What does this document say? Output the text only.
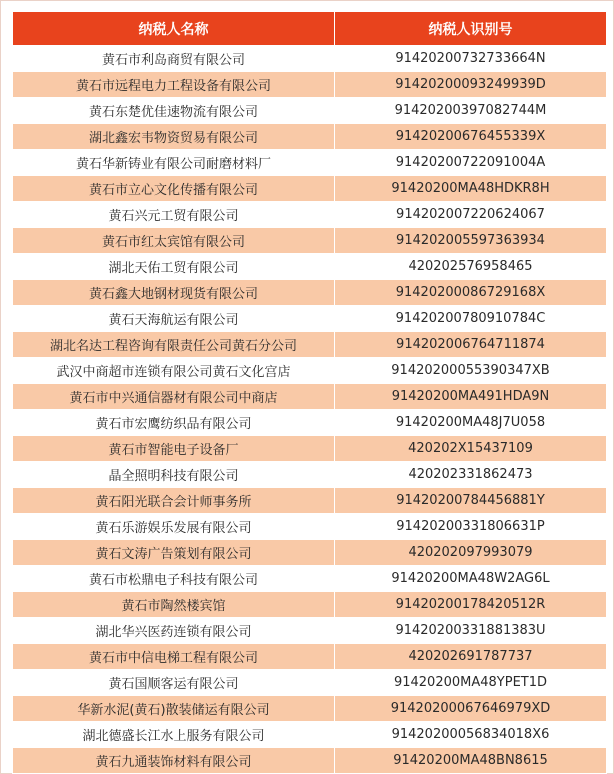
纳税人名称	纳税人识别号
黄石市利岛商贸有限公司	914202007327336​64N
黄石市远程电力工程设备有限公司	91420200093249939D
黄石东楚优佳速物流有限公司	91420200397082744M
湖北鑫宏韦物资贸易有限公司	91420200676455339X
黄石华新铸业有限公司耐磨材料厂	91420200722091004A
黄石市立心文化传播有限公司	91420200MA48HDKR8H
黄石兴元工贸有限公司	914202007220624067
黄石市红太宾馆有限公司	914202005597363934
湖北天佑工贸有限公司	420202576958465
黄石鑫大地钢材现货有限公司	91420200086729168X
黄石天海航运有限公司	91420200780910784C
湖北名达工程咨询有限责任公司黄石分公司	914202006764711874
武汉中商超市连锁有限公司黄石文化宫店	91420200055390347XB
黄石市中兴通信器材有限公司中商店	91420200MA491HDA9N
黄石市宏鹰纺织品有限公司	91420200MA48J7U058
黄石市智能电子设备厂	420202X15437109
晶全照明科技有限公司	420202331862473
黄石阳光联合会计师事务所	91420200784456881Y
黄石乐游娱乐发展有限公司	91420200331806631P
黄石文涛广告策划有限公司	420202097993079
黄石市松鼎电子科技有限公司	91420200MA48W2AG6L
黄石市陶然楼宾馆	91420200178420512R
湖北华兴医药连锁有限公司	91420200331881383U
黄石市中信电梯工程有限公司	420202691787737
黄石国顺客运有限公司	91420200MA48YPET1D
华新水泥(黄石)散装储运有限公司	91420200067646979XD
湖北德盛长江水上服务有限公司	91420200056834018X6
黄石九通装饰材料有限公司	91420200MA48BN8615
